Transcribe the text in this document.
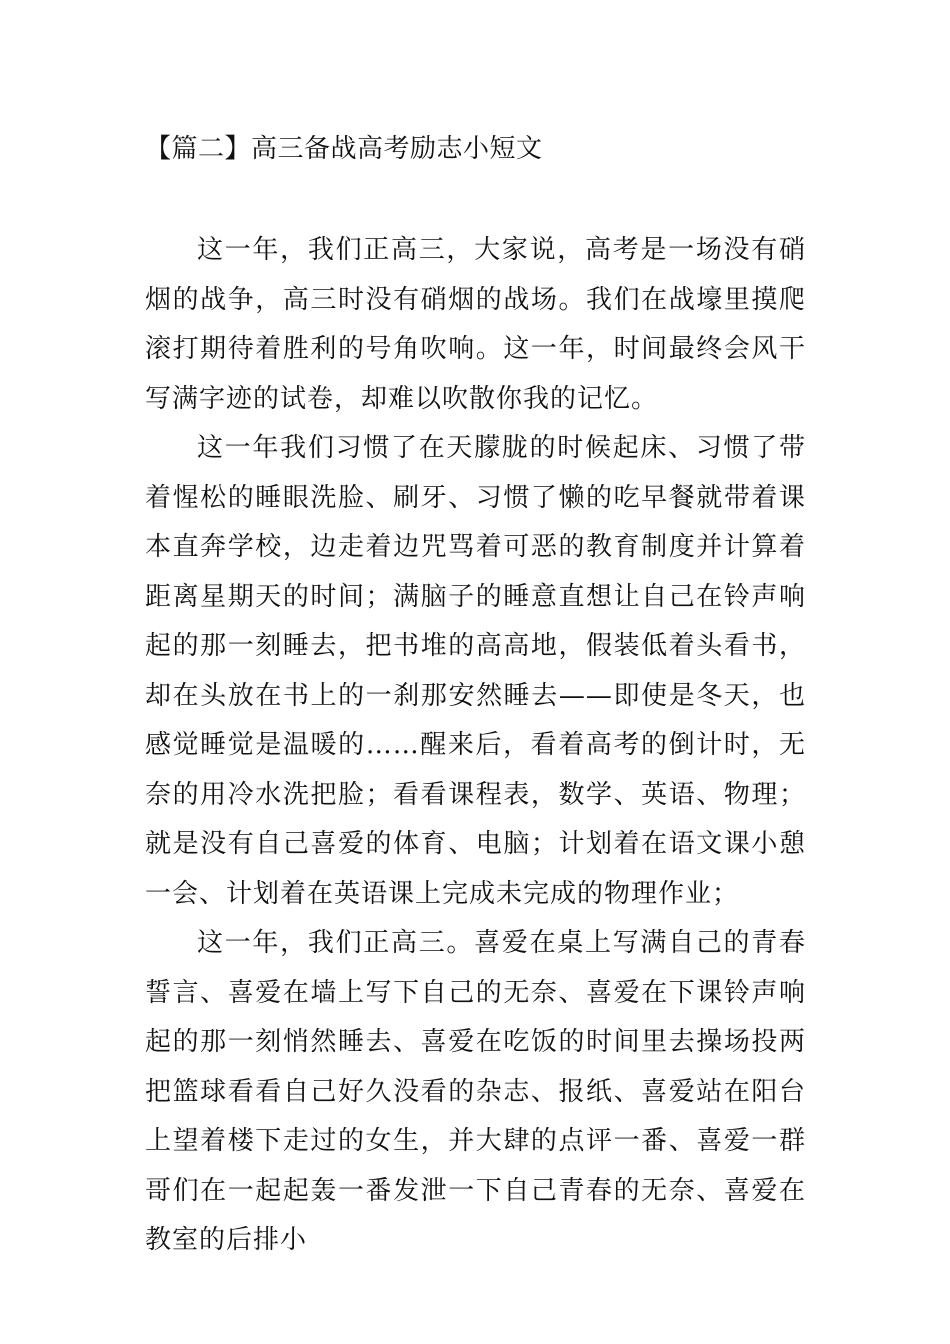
【篇二】高三备战高考励志小短文

这一年，我们正高三，大家说，高考是一场没有硝烟的战争，高三时没有硝烟的战场。我们在战壕里摸爬滚打期待着胜利的号角吹响。这一年，时间最终会风干写满字迹的试卷，却难以吹散你我的记忆。

这一年我们习惯了在天朦胧的时候起床、习惯了带着惺松的睡眼洗脸、刷牙、习惯了懒的吃早餐就带着课本直奔学校，边走着边咒骂着可恶的教育制度并计算着距离星期天的时间；满脑子的睡意直想让自己在铃声响起的那一刻睡去，把书堆的高高地，假装低着头看书，却在头放在书上的一刹那安然睡去——即使是冬天，也感觉睡觉是温暖的……醒来后，看着高考的倒计时，无奈的用冷水洗把脸；看看课程表，数学、英语、物理；就是没有自己喜爱的体育、电脑；计划着在语文课小憩一会、计划着在英语课上完成未完成的物理作业；

这一年，我们正高三。喜爱在桌上写满自己的青春誓言、喜爱在墙上写下自己的无奈、喜爱在下课铃声响起的那一刻悄然睡去、喜爱在吃饭的时间里去操场投两把篮球看看自己好久没看的杂志、报纸、喜爱站在阳台上望着楼下走过的女生，并大肆的点评一番、喜爱一群哥们在一起起轰一番发泄一下自己青春的无奈、喜爱在教室的后排小
